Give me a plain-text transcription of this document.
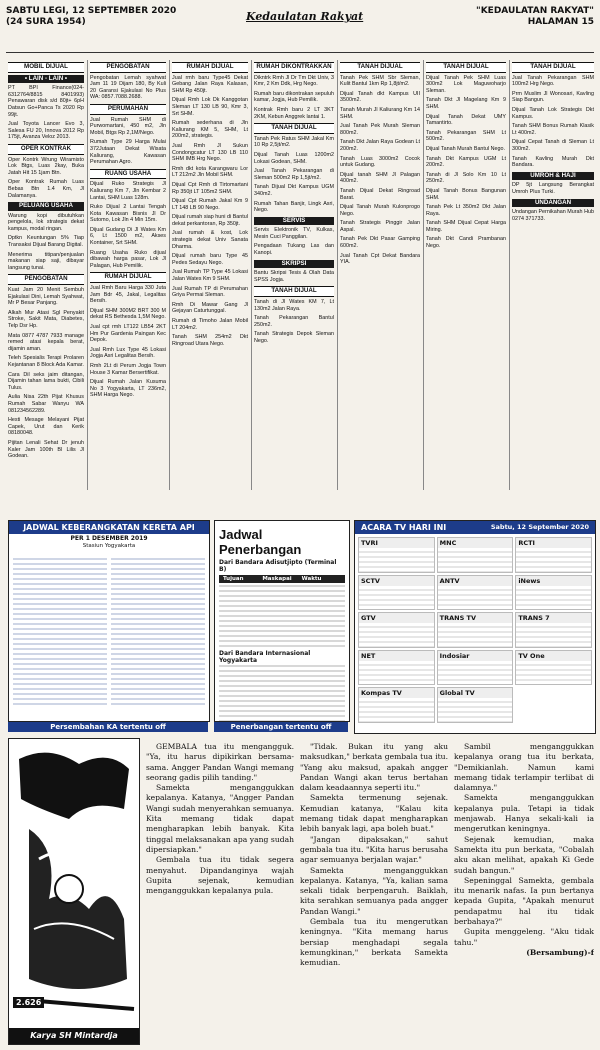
SABTU LEGI, 12 SEPTEMBER 2020
(24 SURA 1954)	Kedaulatan Rakyat	"KEDAULATAN RAKYAT"
HALAMAN 15
MOBIL DIJUAL
• LAIN - LAIN •

PT BPI Finance(024-6312764/8815 8401993) Penawaran disk s/d 80jt+ 6pH Datsun Go+Panca Ts 2020 Rp 99jt.

Jual Toyota Lancer Evo 3, Salesa FU 20, Innova 2012 Rp 175jt, Avanza Veloz 2013.

OPER KONTRAK

Oper Kontrk Wrung Wiramisto Lok Btgs, Luas 2kay, Buka Jatah Hit 15 1jam Btn.

Oper Kontrak Rumah Luas Bebas Btn 1.4 Km, Jl Dalamanya.

PELUANG USAHA

Warung kopi dibutuhkan pengelola, lok strategis dekat kampus, modal ringan.

Dptkn Keuntungan 5% Tiap Transaksi Dijual Barang Digital.

Menerima titipan/penjualan makanan siap saji, dibayar langsung tunai.

PENGOBATAN

Kuat Jam 20 Menit Sembuh Ejakulasi Dini, Lemah Syahwat, Mr P Besar Panjang.

Alkah Mur Atasi Sgl Penyakit Stroke, Sakit Mata, Diabetes, Telp Dsr Hp.

Mata 0877 4787 7933 manage remed atasi kepala berat, dijamin aman.

Teleh Spesialis Terapi Prolaren Kejantanan 8 Block Ada Kamar.

Cara Dil seks jaim ditangan, Dijamin tahan lama bukti, Cibili Tulus.

Aulia Nisa 22th Pijat Khusus Rumah Sabar Wanyu WA 081234562289.

Hesti Mesage Melayani Pijat Capek, Urut dan Kerik 08180048.

Pijitan Lenali Sehat Dr jenuh Kaler Jam 100th Bl Lilis Jl Godean.

PENGOBATAN

Pengobatan Lemah syahwat Jam 11 19 Dijam 180, By Kuli 20 Garansi Ejakulasi No Plus WA: 0857.7088.2688.

PERUMAHAN

Jual Rumah SHM di Purwomartani, 450 m2, Jln Mobil, Btgs Rp 2,1M/Nego.

Rumah Type 29 Harga Mulai 372Jutaan Dekat Wisata Kaliurang, Kawasan Perumahan Agro.

RUANG USAHA

Dijual Ruko Strategis Jl Kaliurang Km 7, Jln Kembar 2 Lantai, SHM Luas 128m.

Ruko Dijual 2 Lantai Tengah Kota Kawasan Bisnis Jl Dr Sutomo, Lok Jln 4 Min 15m.

Dijual Gudang Di Jl Wates Km 6, Lt 1500 m2, Akses Kontainer, Srt SHM.

Ruang Usaha Ruko dijual dibawah harga pasar, Lok Jl Palagan, Hub Pemilik.

RUMAH DIJUAL

Jual Rmh Baru Harga 330 Juta Jam Bdr 45, Jakal, Legalitas Bersih.

Dijual SHM 300M2 BRT 300 M dekat RS Bethesda 1,5M Nego.

Jual cpt rmh LT122 LB54 2KT Hm Pur Gardenia Paingan Kec Depok.

Jual Rmh Lux Type 45 Lokasi Jogja Asri Legalitas Bersih.

Rmh 2Lt di Perum Jogja Town House 3 Kamar Bersertifikat.

Dijual Rumah Jalan Kusuma No 3 Yogyakarta, LT 236m2, SHM Harga Nego.

RUMAH DIJUAL

Jual rmh baru Type45 Dekat Gebang Jalan Raya Kalasan, SHM Rp 450jt.

Dijual Rmh Lok Dk Kanggotan Sleman LT 130 LB 90, Kmr 3, Srt SHM.

Rumah sederhana di Jln Kaliurang KM 5, SHM, Lt 200m2, strategis.

Jual Rmh Jl Sukun Condongcatur LT 130 LB 110 SHM IMB Hrg Nego.

Rmh dkt kota Karangwaru Lor LT 212m2 Jln Mobil SHM.

Dijual Cpt Rmh di Tirtomartani Rp 350jt LT 105m2 SHM.

Dijual Cpt Rumah Jakal Km 9 LT 148 LB 90 Nego.

Dijual rumah siap huni di Bantul dekat perkantoran, Rp 350jt.

Jual rumah & kost, Lok strategis dekat Univ Sanata Dharma.

Dijual rumah baru Type 45 Pedes Sedayu Nego.

Jual Rumah TP Type 45 Lokasi Jalan Wates Km 9 SHM.

Jual Rumah TP di Perumahan Griya Permai Sleman.

Rmh Di Mawar Gang Jl Gejayan Caturtunggal.

Rumah di Timoho Jalan Mobil LT 204m2.

Tanah SHM 254m2 Dkt Ringroad Utara Nego.

RUMAH DIKONTRAKKAN

Dikntrk Rmh Jl Dr Tm Dkt Univ, 3 Kmr, 2 Km Ddk, Hrg Nego.

Rumah baru dikontrakan sepuluh kamar, Jogja, Hub Pemilik.

Kontrak Rmh baru 2 LT 3KT 2KM, Kebun Anggrek lantai 1.

TANAH DIJUAL

Tanah Pek Ratus SHM Jakal Km 10 Rp 2,5jt/m2.

Dijual Tanah Luas 1200m2 Lokasi Godean, SHM.

Jual Tanah Pekarangan di Sleman 500m2 Rp 1,5jt/m2.

Tanah Dijual Dkt Kampus UGM 340m2.

Rumah Tahan Banjir, Lingk Asri, Nego.

SERVIS

Servis Elektronik TV, Kulkas, Mesin Cuci Panggilan.

Pengadaan Tukang Las dan Kanopi.

SKRIPSI

Bantu Skripsi Tesis & Olah Data SPSS Jogja.

TANAH DIJUAL

Tanah di Jl Wates KM 7, Lt 130m2 Jalan Raya.

Tanah Pekarangan Bantul 250m2.

Tanah Strategis Depok Sleman Nego.

TANAH DIJUAL

Tanah Pek SHM Sbr Sleman, Kulit Bantul 1km Rp 1,8jt/m2.

Dijual Tanah dkt Kampus UII 3500m2.

Tanah Murah Jl Kaliurang Km 14 SHM.

Jual Tanah Pek Murah Sleman 800m2.

Tanah Dkt Jalan Raya Godean Lt 200m2.

Tanah Luas 3000m2 Cocok untuk Gudang.

Dijual tanah SHM Jl Palagan 400m2.

Tanah Dijual Dekat Ringroad Barat.

Dijual Tanah Murah Kulonprogo Nego.

Tanah Strategis Pinggir Jalan Aspal.

Tanah Pek Dkt Pasar Gamping 600m2.

Jual Tanah Cpt Dekat Bandara YIA.

TANAH DIJUAL

Dijual Tanah Pek SHM Luas 300m2 Lok Maguwoharjo Sleman.

Tanah Dkt Jl Magelang Km 9 SHM.

Dijual Tanah Dekat UMY Tamantirto.

Tanah Pekarangan SHM Lt 500m2.

Dijual Tanah Murah Bantul Nego.

Tanah Dkt Kampus UGM Lt 200m2.

Tanah di Jl Solo Km 10 Lt 250m2.

Dijual Tanah Bonus Bangunan SHM.

Tanah Pek Lt 350m2 Dkt Jalan Raya.

Tanah SHM Dijual Cepat Harga Miring.

Tanah Dkt Candi Prambanan Nego.

TANAH DIJUAL

Jual Tanah Pekarangan SHM 100m2 Hrg Nego.

Prm Muslim Jl Wonosari, Kavling Siap Bangun.

Dijual Tanah Lok Strategis Dkt Kampus.

Tanah SHM Bonus Rumah Klasik Lt 400m2.

Dijual Cepat Tanah di Sleman Lt 300m2.

Tanah Kavling Murah Dkt Bandara.

UMROH & HAJI

DP 5jt Langsung Berangkat Umroh Plus Turki.

UNDANGAN

Undangan Pernikahan Murah Hub 0274 371733.

JADWAL KEBERANGKATAN KERETA API
PER 1 DESEMBER 2019
Stasiun Yogyakarta
Persembahan KA tertentu off
Jadwal Penerbangan
Dari Bandara Adisutjipto (Terminal B)
Tujuan	Maskapai	Waktu
Dari Bandara Internasional Yogyakarta
Penerbangan tertentu off
ACARA TV HARI INI	Sabtu, 12 September 2020
TVRI	MNC	RCTI
SCTV	ANTV	iNews
GTV	TRANS TV	TRANS 7
NET	Indosiar	TV One
Kompas TV	Global TV
2.626
Karya SH Mintardja

GEMBALA tua itu mengangguk. "Ya, itu harus dipikirkan bersama-sama. Angger Pandan Wangi memang seorang gadis pilih tanding."

Samekta menganggukkan kepalanya. Katanya, "Angger Pandan Wangi sudah menyerahkan semuanya. Kita memang tidak dapat mengharapkan lebih banyak. Kita tinggal melaksanakan apa yang sudah dipersiapkan."

Gembala tua itu tidak segera menyahut. Dipandanginya wajah Gupita sejenak, kemudian menganggukkan kepalanya pula.

"Tidak. Bukan itu yang aku maksudkan," berkata gembala tua itu. "Yang aku maksud, apakah angger Pandan Wangi akan terus bertahan dalam keadaannya seperti itu."

Samekta termenung sejenak. Kemudian katanya, "Kalau kita memang tidak dapat mengharapkan lebih banyak lagi, apa boleh buat."

"Jangan dipaksakan," sahut gembala tua itu. "Kita harus berusaha agar semuanya berjalan wajar."

Samekta menganggukkan kepalanya. Katanya, "Ya, kalian sama sekali tidak berpengaruh. Baiklah, kita serahkan semuanya pada angger Pandan Wangi."

Gembala tua itu mengerutkan keningnya. "Kita memang harus bersiap menghadapi segala kemungkinan," berkata Samekta kemudian.

Sambil menganggukkan kepalanya orang tua itu berkata, "Demikianlah. Namun kami memang tidak terlampir terlibat di dalamnya."

Samekta menganggukkan kepalanya pula. Tetapi ia tidak menjawab. Hanya sekali-kali ia mengerutkan keningnya.

Sejenak kemudian, maka Samekta itu pun berkata, "Cobalah aku akan melihat, apakah Ki Gede sudah bangun."

Sepeninggal Samekta, gembala itu menarik nafas. Ia pun bertanya kepada Gupita, "Apakah menurut pendapatmu hal itu tidak berbahaya?"

Gupita menggeleng. "Aku tidak tahu."

(Bersambung)-f
